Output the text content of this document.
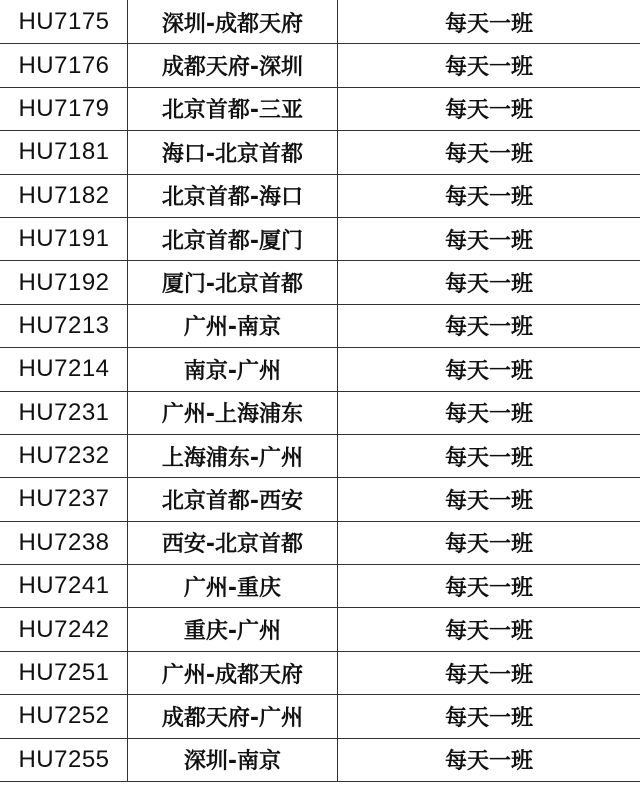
HU7175	深圳-成都天府	每天一班
HU7176	成都天府-深圳	每天一班
HU7179	北京首都-三亚	每天一班
HU7181	海口-北京首都	每天一班
HU7182	北京首都-海口	每天一班
HU7191	北京首都-厦门	每天一班
HU7192	厦门-北京首都	每天一班
HU7213	广州-南京	每天一班
HU7214	南京-广州	每天一班
HU7231	广州-上海浦东	每天一班
HU7232	上海浦东-广州	每天一班
HU7237	北京首都-西安	每天一班
HU7238	西安-北京首都	每天一班
HU7241	广州-重庆	每天一班
HU7242	重庆-广州	每天一班
HU7251	广州-成都天府	每天一班
HU7252	成都天府-广州	每天一班
HU7255	深圳-南京	每天一班
